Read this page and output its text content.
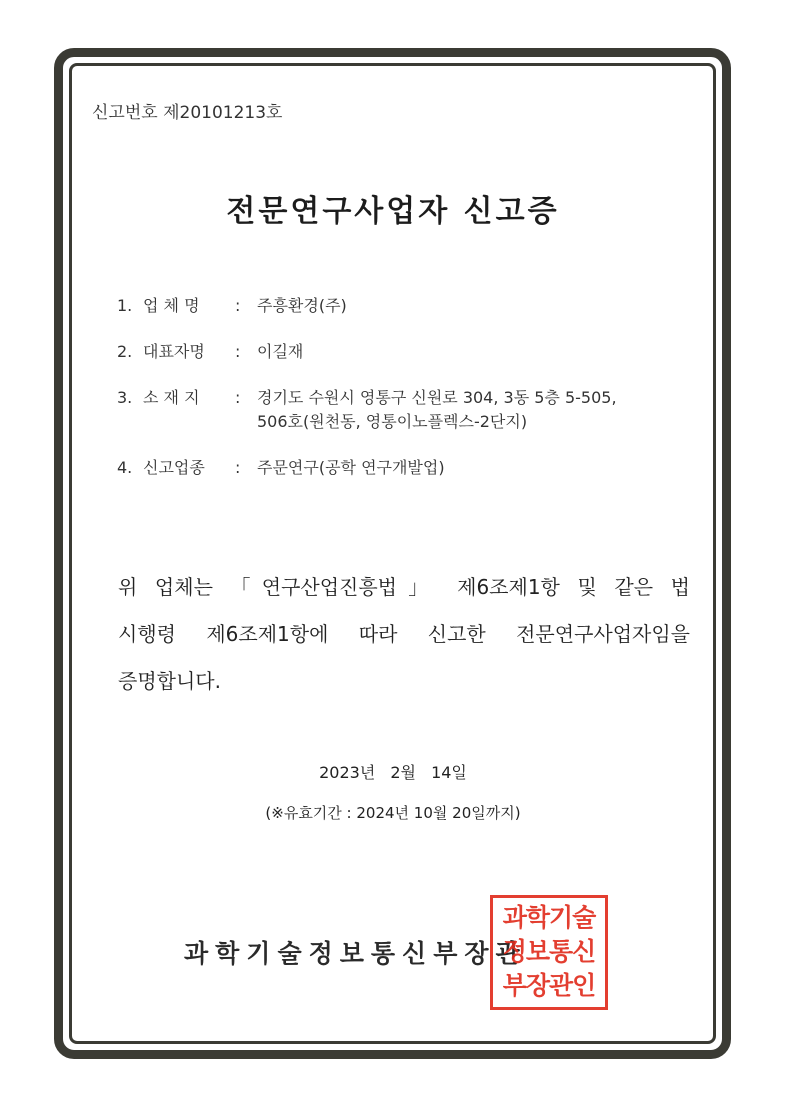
신고번호 제20101213호
전문연구사업자 신고증
1. 업 체 명	:	주흥환경(주)
2. 대표자명	:	이길재
3. 소 재 지	:	경기도 수원시 영통구 신원로 304, 3동 5층 5-505,
506호(원천동, 영통이노플렉스-2단지)
4. 신고업종	:	주문연구(공학 연구개발업)
위 업체는 「연구산업진흥법」 제6조제1항 및 같은 법
시행령 제6조제1항에 따라 신고한 전문연구사업자임을
증명합니다.
2023년 2월 14일
(※유효기간 : 2024년 10월 20일까지)
과학기술정보통신부장관
과학기술
정보통신
부장관인
